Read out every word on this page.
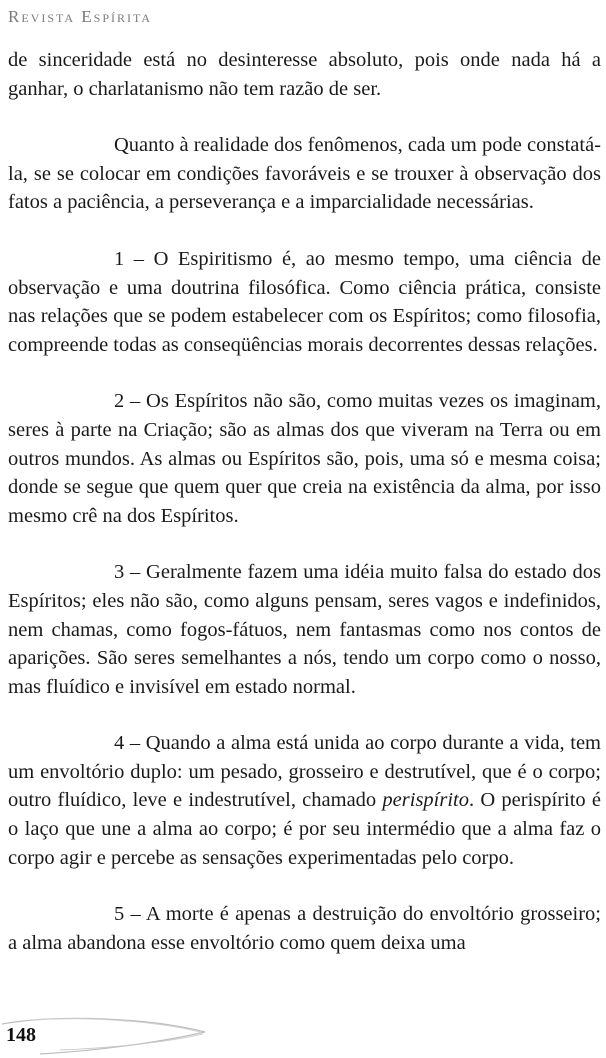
Revista Espírita

de sinceridade está no desinteresse absoluto, pois onde nada há a ganhar, o charlatanismo não tem razão de ser.

Quanto à realidade dos fenômenos, cada um pode constatá-la, se se colocar em condições favoráveis e se trouxer à observação dos fatos a paciência, a perseverança e a imparcialidade necessárias.

1 – O Espiritismo é, ao mesmo tempo, uma ciência de observação e uma doutrina filosófica. Como ciência prática, consiste nas relações que se podem estabelecer com os Espíritos; como filosofia, compreende todas as conseqüências morais decorrentes dessas relações.

2 – Os Espíritos não são, como muitas vezes os imaginam, seres à parte na Criação; são as almas dos que viveram na Terra ou em outros mundos. As almas ou Espíritos são, pois, uma só e mesma coisa; donde se segue que quem quer que creia na existência da alma, por isso mesmo crê na dos Espíritos.

3 – Geralmente fazem uma idéia muito falsa do estado dos Espíritos; eles não são, como alguns pensam, seres vagos e indefinidos, nem chamas, como fogos-fátuos, nem fantasmas como nos contos de aparições. São seres semelhantes a nós, tendo um corpo como o nosso, mas fluídico e invisível em estado normal.

4 – Quando a alma está unida ao corpo durante a vida, tem um envoltório duplo: um pesado, grosseiro e destrutível, que é o corpo; outro fluídico, leve e indestrutível, chamado perispírito. O perispírito é o laço que une a alma ao corpo; é por seu intermédio que a alma faz o corpo agir e percebe as sensações experimentadas pelo corpo.

5 – A morte é apenas a destruição do envoltório grosseiro; a alma abandona esse envoltório como quem deixa uma

148
